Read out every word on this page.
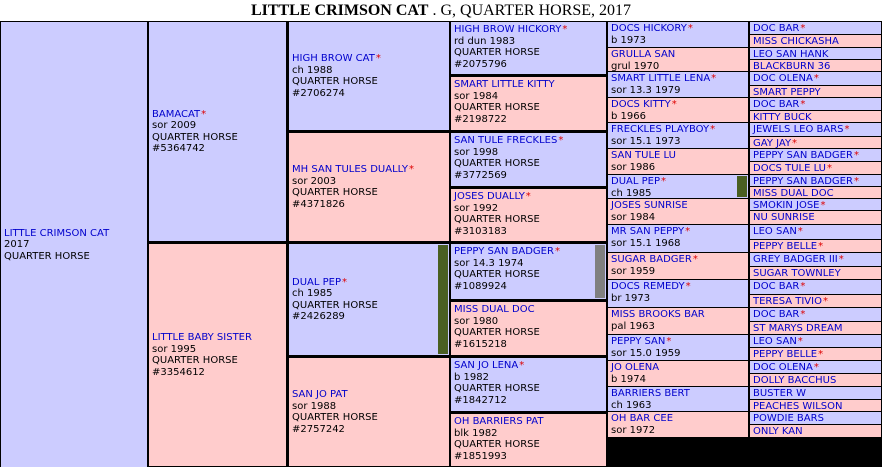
LITTLE CRIMSON CAT . G, QUARTER HORSE, 2017
LITTLE CRIMSON CAT
2017
QUARTER HORSE
BAMACAT*
sor 2009
QUARTER HORSE
#5364742
LITTLE BABY SISTER
sor 1995
QUARTER HORSE
#3354612
HIGH BROW CAT*
ch 1988
QUARTER HORSE
#2706274
MH SAN TULES DUALLY*
sor 2003
QUARTER HORSE
#4371826
DUAL PEP*
ch 1985
QUARTER HORSE
#2426289
SAN JO PAT
sor 1988
QUARTER HORSE
#2757242
HIGH BROW HICKORY*
rd dun 1983
QUARTER HORSE
#2075796
SMART LITTLE KITTY
sor 1984
QUARTER HORSE
#2198722
SAN TULE FRECKLES*
sor 1998
QUARTER HORSE
#3772569
JOSES DUALLY*
sor 1992
QUARTER HORSE
#3103183
PEPPY SAN BADGER*
sor 14.3 1974
QUARTER HORSE
#1089924
MISS DUAL DOC
sor 1980
QUARTER HORSE
#1615218
SAN JO LENA*
b 1982
QUARTER HORSE
#1842712
OH BARRIERS PAT
blk 1982
QUARTER HORSE
#1851993
DOCS HICKORY*
b 1973
GRULLA SAN
grul 1970
SMART LITTLE LENA*
sor 13.3 1979
DOCS KITTY*
b 1966
FRECKLES PLAYBOY*
sor 15.1 1973
SAN TULE LU
sor 1986
DUAL PEP*
ch 1985
JOSES SUNRISE
sor 1984
MR SAN PEPPY*
sor 15.1 1968
SUGAR BADGER*
sor 1959
DOCS REMEDY*
br 1973
MISS BROOKS BAR
pal 1963
PEPPY SAN*
sor 15.0 1959
JO OLENA
b 1974
BARRIERS BERT
ch 1963
OH BAR CEE
sor 1972
DOC BAR*
MISS CHICKASHA
LEO SAN HANK
BLACKBURN 36
DOC OLENA*
SMART PEPPY
DOC BAR*
KITTY BUCK
JEWELS LEO BARS*
GAY JAY*
PEPPY SAN BADGER*
DOCS TULE LU*
PEPPY SAN BADGER*
MISS DUAL DOC
SMOKIN JOSE*
NU SUNRISE
LEO SAN*
PEPPY BELLE*
GREY BADGER III*
SUGAR TOWNLEY
DOC BAR*
TERESA TIVIO*
DOC BAR*
ST MARYS DREAM
LEO SAN*
PEPPY BELLE*
DOC OLENA*
DOLLY BACCHUS
BUSTER W
PEACHES WILSON
POWDIE BARS
ONLY KAN
